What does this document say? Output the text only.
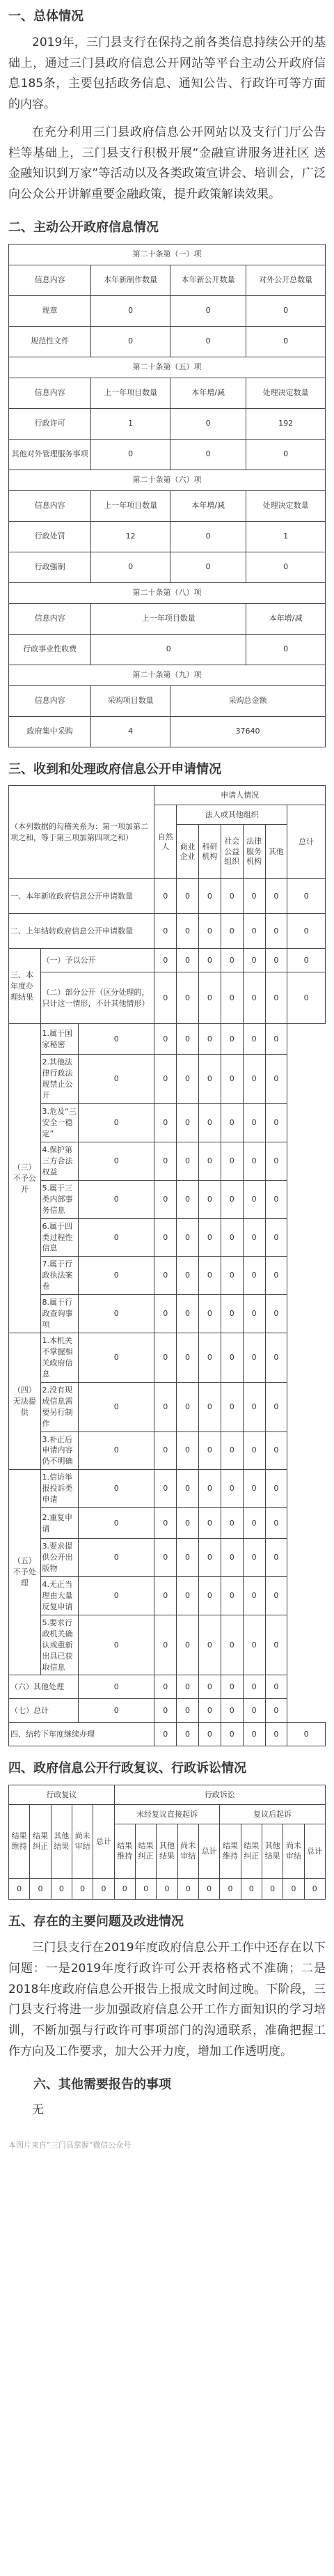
一、总体情况

2019年，三门县支行在保持之前各类信息持续公开的基础上，通过三门县政府信息公开网站等平台主动公开政府信息185条，主要包括政务信息、通知公告、行政许可等方面的内容。

在充分利用三门县政府信息公开网站以及支行门厅公告栏等基础上，三门县支行积极开展“金融宣讲服务进社区 送金融知识到万家”等活动以及各类政策宣讲会、培训会，广泛向公众公开讲解重要金融政策，提升政策解读效果。

二、主动公开政府信息情况
第二十条第（一）项			
信息内容	本年新制作数量	本年新公开数量	对外公开总数量
规章	0	0	0
规范性文件	0	0	0
第二十条第（五）项			
信息内容	上一年项目数量	本年增/减	处理决定数量
行政许可	1	0	192
其他对外管理服务事项	0	0	0
第二十条第（六）项			
信息内容	上一年项目数量	本年增/减	处理决定数量
行政处罚	12	0	1
行政强制	0	0	0
第二十条第（八）项			
信息内容	上一年项目数量		本年增/减
行政事业性收费	0		0
第二十条第（九）项			
信息内容	采购项目数量	采购总金额	
政府集中采购	4	37640	
三、收到和处理政府信息公开申请情况
（本列数据的勾稽关系为：第一项加第二项之和，等于第三项加第四项之和）			申请人情况						
			自然人	法人或其他组织					总计
				商业企业	科研机构	社会公益组织	法律服务机构	其他	
一、本年新收政府信息公开申请数量			0	0	0	0	0	0	0
二、上年结转政府信息公开申请数量			0	0	0	0	0	0	0
三、本年度办理结果	（一）予以公开		0	0	0	0	0	0	0
	（二）部分公开（区分处理的，只计这一情形，不计其他情形）		0	0	0	0	0	0	0
（三）不予公开	1.属于国家秘密	0	0	0	0	0	0	0	
	2.其他法律行政法规禁止公开	0	0	0	0	0	0	0	
	3.危及“三安全一稳定”	0	0	0	0	0	0	0	
	4.保护第三方合法权益	0	0	0	0	0	0	0	
	5.属于三类内部事务信息	0	0	0	0	0	0	0	
	6.属于四类过程性信息	0	0	0	0	0	0	0	
	7.属于行政执法案卷	0	0	0	0	0	0	0	
	8.属于行政查询事项	0	0	0	0	0	0	0	
（四）无法提供	1.本机关不掌握相关政府信息	0	0	0	0	0	0	0	
	2.没有现成信息需要另行制作	0	0	0	0	0	0	0	
	3.补正后申请内容仍不明确	0	0	0	0	0	0	0	
（五）不予处理	1.信访举报投诉类申请	0	0	0	0	0	0	0	
	2.重复申请	0	0	0	0	0	0	0	
	3.要求提供公开出版物	0	0	0	0	0	0	0	
	4.无正当理由大量反复申请	0	0	0	0	0	0	0	
	5.要求行政机关确认或重新出具已获取信息	0	0	0	0	0	0	0	
（六）其他处理		0	0	0	0	0	0	0	
（七）总计		0	0	0	0	0	0	0	
四、结转下年度继续办理			0	0	0	0	0	0	0
四、政府信息公开行政复议、行政诉讼情况
行政复议					行政诉讼									
结果维持	结果纠正	其他结果	尚未审结	总计	未经复议直接起诉					复议后起诉				
					结果维持	结果纠正	其他结果	尚未审结	总计	结果维持	结果纠正	其他结果	尚未审结	总计
0	0	0	0	0	0	0	0	0	0	0	0	0	0	0
五、存在的主要问题及改进情况

三门县支行在2019年度政府信息公开工作中还存在以下问题：一是2019年度行政许可公开表格格式不准确；二是2018年度政府信息公开报告上报成文时间过晚。下阶段，三门县支行将进一步加强政府信息公开工作方面知识的学习培训，不断加强与行政许可事项部门的沟通联系，准确把握工作方向及工作要求，加大公开力度，增加工作透明度。

六、其他需要报告的事项

无

本图片来自“三门县掌握”微信公众号
